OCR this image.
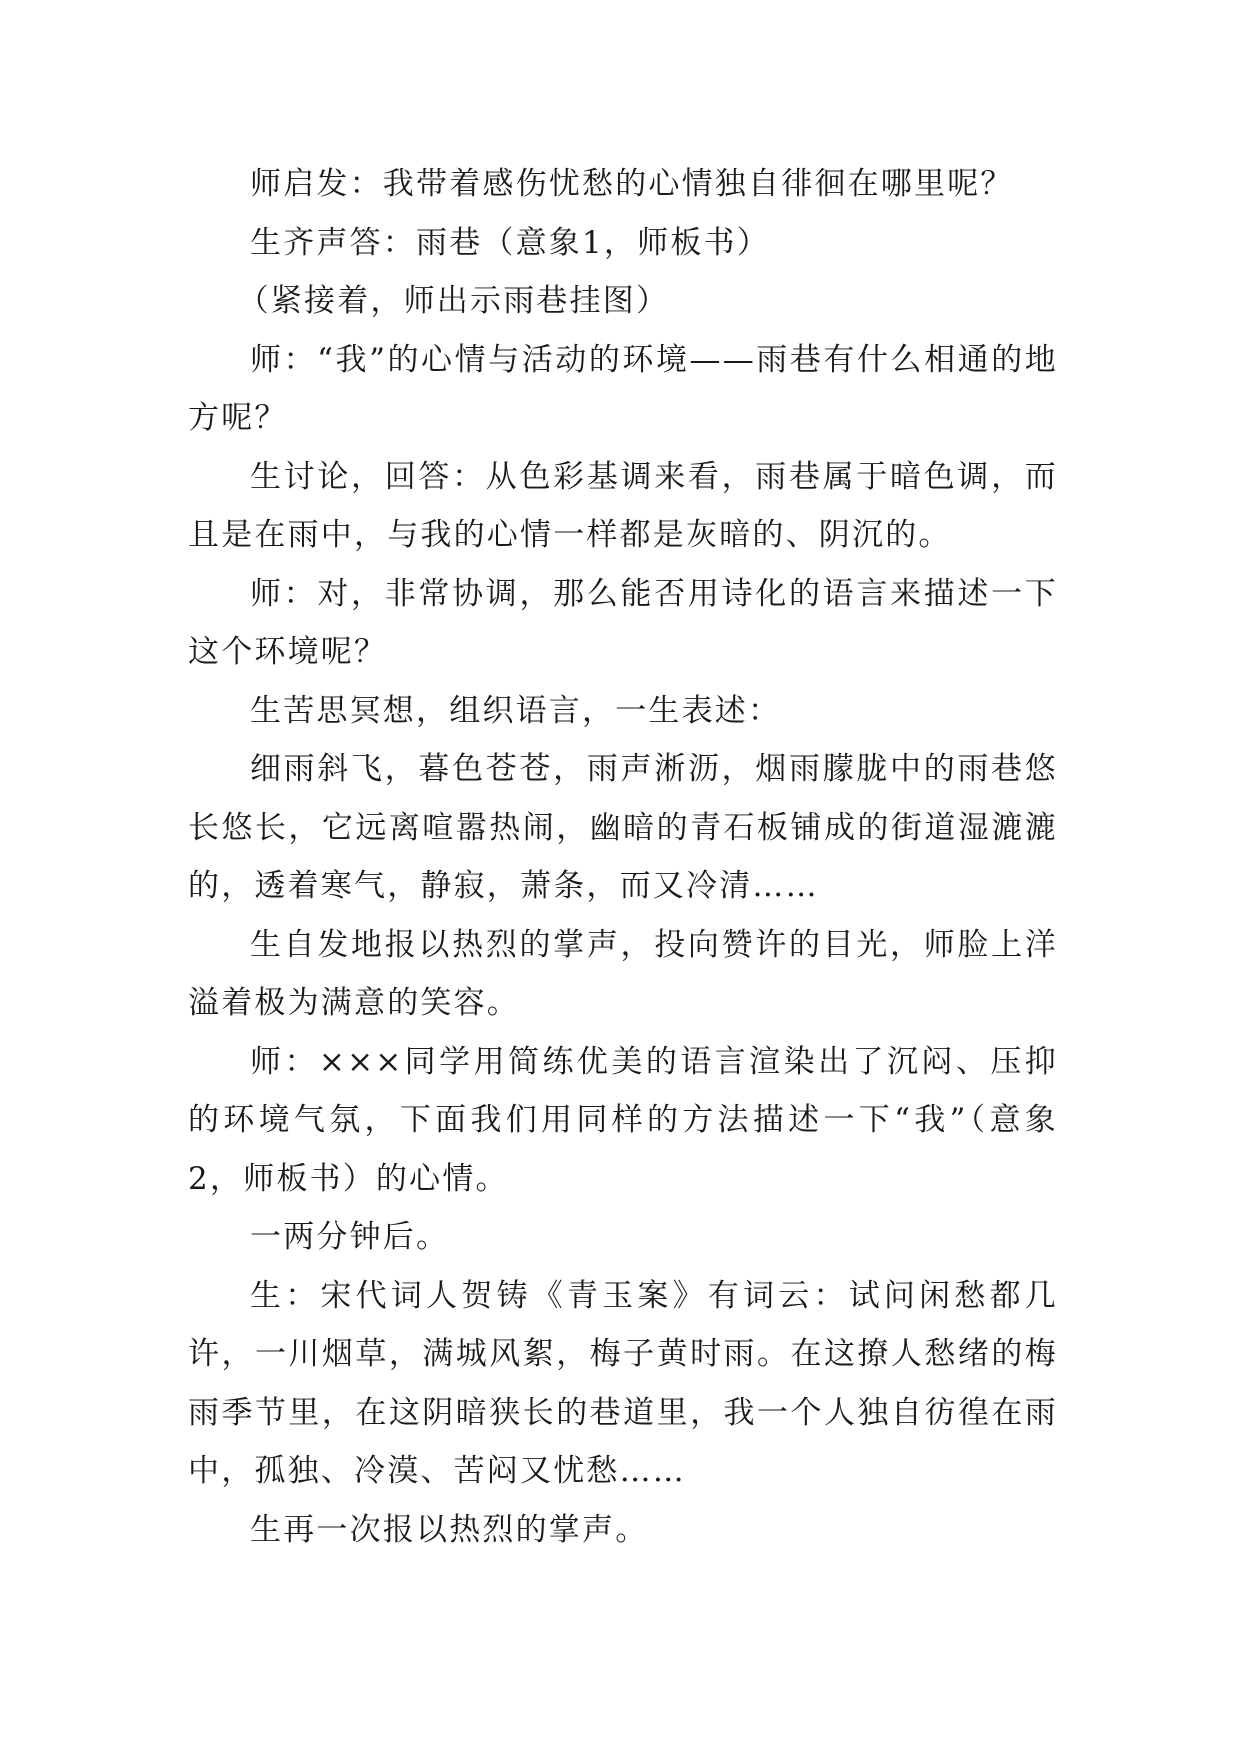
师启发：我带着感伤忧愁的心情独自徘徊在哪里呢？

生齐声答：雨巷（意象1，师板书）

（紧接着，师出示雨巷挂图）

师：“我”的心情与活动的环境——雨巷有什么相通的地方呢？

生讨论，回答：从色彩基调来看，雨巷属于暗色调，而且是在雨中，与我的心情一样都是灰暗的、阴沉的。

师：对，非常协调，那么能否用诗化的语言来描述一下这个环境呢？

生苦思冥想，组织语言，一生表述：

细雨斜飞，暮色苍苍，雨声淅沥，烟雨朦胧中的雨巷悠长悠长，它远离喧嚣热闹，幽暗的青石板铺成的街道湿漉漉的，透着寒气，静寂，萧条，而又冷清……

生自发地报以热烈的掌声，投向赞许的目光，师脸上洋溢着极为满意的笑容。

师：×××同学用简练优美的语言渲染出了沉闷、压抑的环境气氛，下面我们用同样的方法描述一下“我”（意象2，师板书）的心情。

一两分钟后。

生：宋代词人贺铸《青玉案》有词云：试问闲愁都几许，一川烟草，满城风絮，梅子黄时雨。在这撩人愁绪的梅雨季节里，在这阴暗狭长的巷道里，我一个人独自彷徨在雨中，孤独、冷漠、苦闷又忧愁……

生再一次报以热烈的掌声。
